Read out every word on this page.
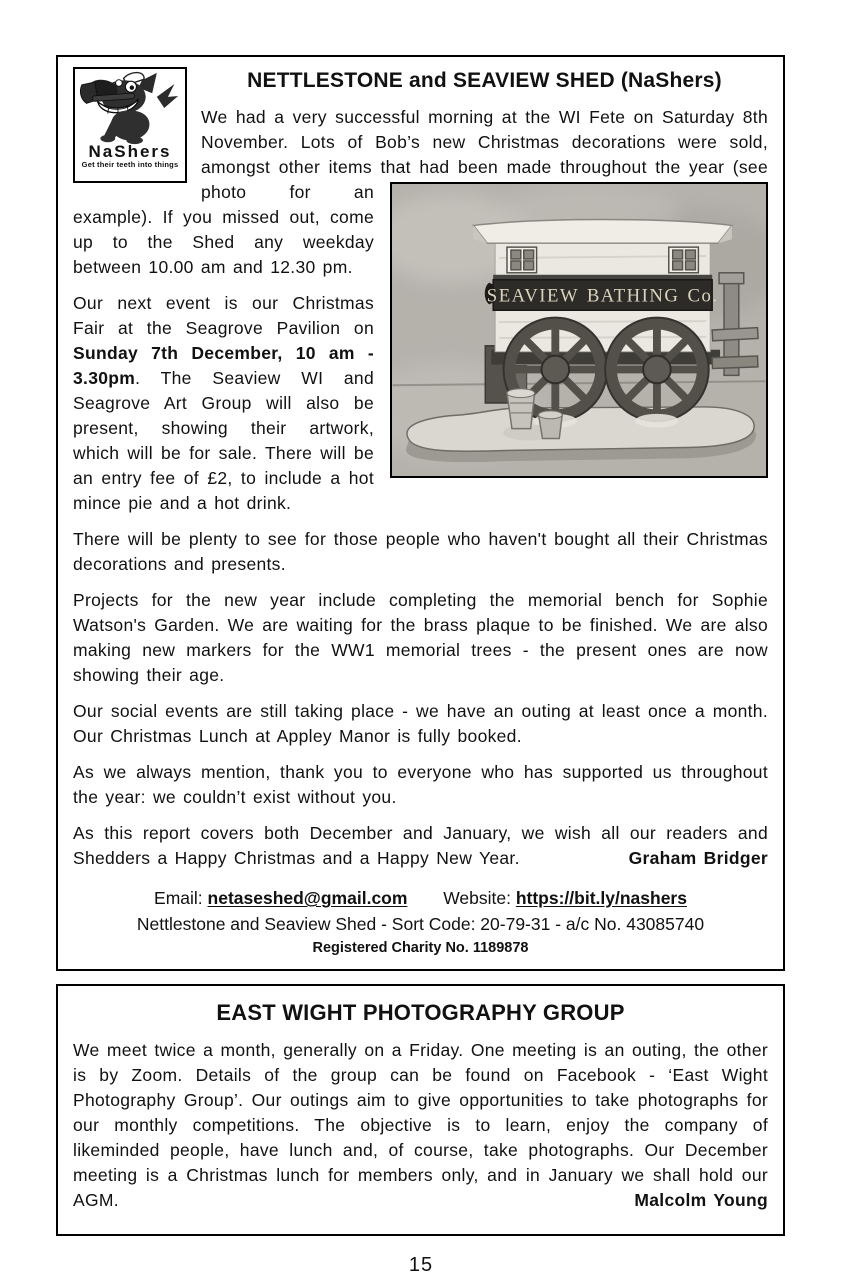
NaShers
Get their teeth into things
NETTLESTONE and SEAVIEW SHED (NaShers)

We had a very successful morning at the WI Fete on Saturday 8th November. Lots of Bob’s new Christmas decorations were sold, amongst other items that had been made throughout the
SEAVIEW BATHING Co.
year (see photo for an example). If you missed out, come up to the Shed any weekday between 10.00 am and 12.30 pm.

Our next event is our Christmas Fair at the Seagrove Pavilion on Sunday 7th December, 10 am - 3.30pm. The Seaview WI and Seagrove Art Group will also be present, showing their artwork, which will be for sale. There will be an entry fee of £2, to include a hot mince pie and a hot drink.

There will be plenty to see for those people who haven't bought all their Christmas decorations and presents.

Projects for the new year include completing the memorial bench for Sophie Watson's Garden. We are waiting for the brass plaque to be finished. We are also making new markers for the WW1 memorial trees - the present ones are now showing their age.

Our social events are still taking place - we have an outing at least once a month. Our Christmas Lunch at Appley Manor is fully booked.

As we always mention, thank you to everyone who has supported us throughout the year: we couldn’t exist without you.

As this report covers both December and January, we wish all our readers and Shedders a Happy Christmas and a Happy New Year.	Graham Bridger

Email: netaseshed@gmail.com Website: https://bit.ly/nashers
Nettlestone and Seaview Shed - Sort Code: 20-79-31 - a/c No. 43085740
Registered Charity No. 1189878
EAST WIGHT PHOTOGRAPHY GROUP

We meet twice a month, generally on a Friday. One meeting is an outing, the other is by Zoom. Details of the group can be found on Facebook - ‘East Wight Photography Group’. Our outings aim to give opportunities to take photographs for our monthly competitions. The objective is to learn, enjoy the company of likeminded people, have lunch and, of course, take photographs. Our December meeting is a Christmas lunch for members only, and in January we shall hold our AGM.	Malcolm Young

15
